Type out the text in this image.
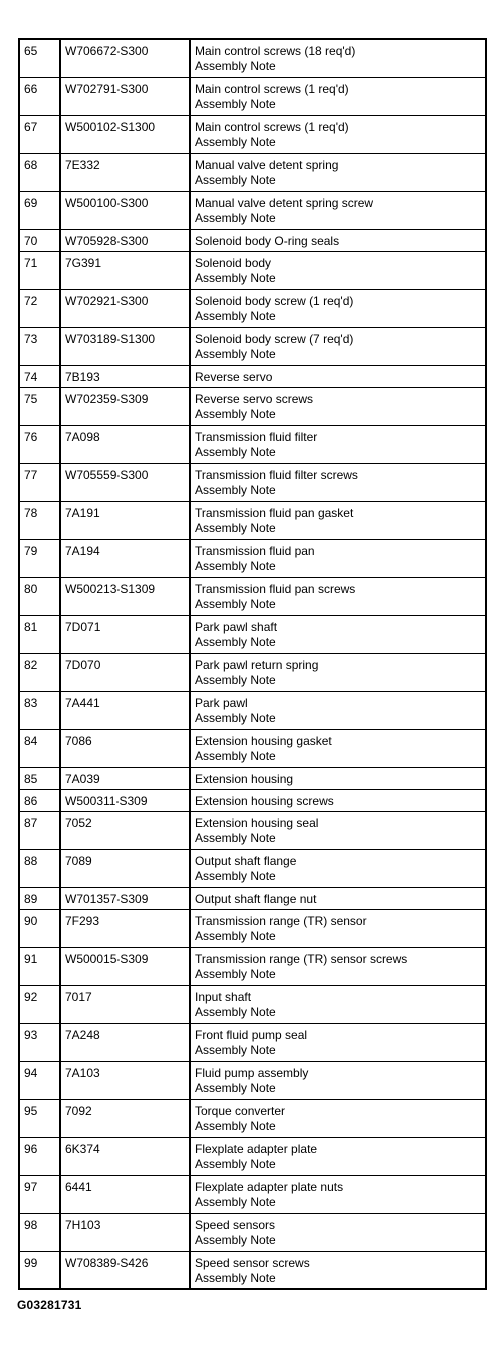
65	W706672-S300	Main control screws (18 req'd)
Assembly Note

66	W702791-S300	Main control screws (1 req'd)
Assembly Note

67	W500102-S1300	Main control screws (1 req'd)
Assembly Note

68	7E332	Manual valve detent spring
Assembly Note

69	W500100-S300	Manual valve detent spring screw
Assembly Note

70	W705928-S300	Solenoid body O-ring seals

71	7G391	Solenoid body
Assembly Note

72	W702921-S300	Solenoid body screw (1 req'd)
Assembly Note

73	W703189-S1300	Solenoid body screw (7 req'd)
Assembly Note

74	7B193	Reverse servo

75	W702359-S309	Reverse servo screws
Assembly Note

76	7A098	Transmission fluid filter
Assembly Note

77	W705559-S300	Transmission fluid filter screws
Assembly Note

78	7A191	Transmission fluid pan gasket
Assembly Note

79	7A194	Transmission fluid pan
Assembly Note

80	W500213-S1309	Transmission fluid pan screws
Assembly Note

81	7D071	Park pawl shaft
Assembly Note

82	7D070	Park pawl return spring
Assembly Note

83	7A441	Park pawl
Assembly Note

84	7086	Extension housing gasket
Assembly Note

85	7A039	Extension housing

86	W500311-S309	Extension housing screws

87	7052	Extension housing seal
Assembly Note

88	7089	Output shaft flange
Assembly Note

89	W701357-S309	Output shaft flange nut

90	7F293	Transmission range (TR) sensor
Assembly Note

91	W500015-S309	Transmission range (TR) sensor screws
Assembly Note

92	7017	Input shaft
Assembly Note

93	7A248	Front fluid pump seal
Assembly Note

94	7A103	Fluid pump assembly
Assembly Note

95	7092	Torque converter
Assembly Note

96	6K374	Flexplate adapter plate
Assembly Note

97	6441	Flexplate adapter plate nuts
Assembly Note

98	7H103	Speed sensors
Assembly Note

99	W708389-S426	Speed sensor screws
Assembly Note
G03281731
